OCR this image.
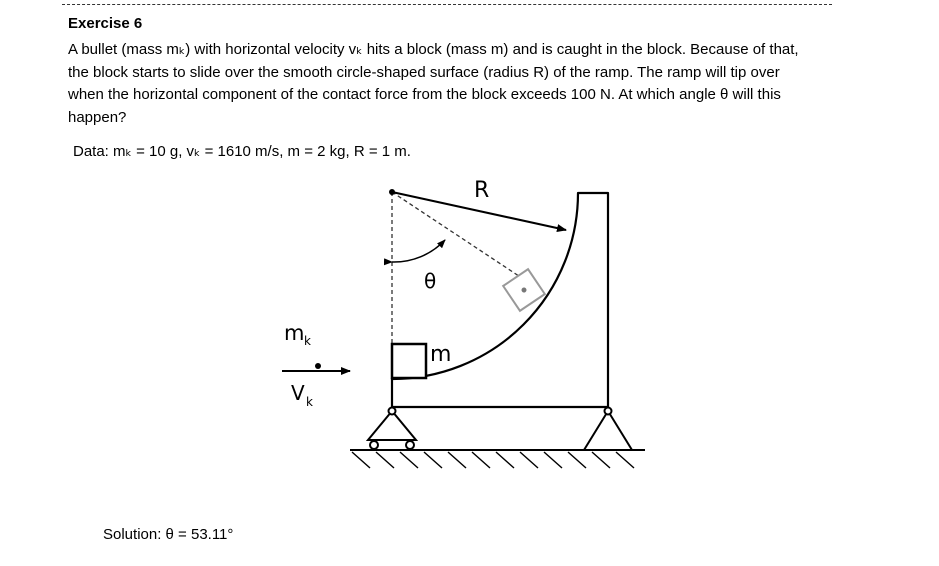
Exercise 6
A bullet (mass mₖ) with horizontal velocity vₖ hits a block (mass m) and is caught in the block. Because of that,
the block starts to slide over the smooth circle-shaped surface (radius R) of the ramp. The ramp will tip over
when the horizontal component of the contact force from the block exceeds 100 N. At which angle θ will this
happen?
Data: mₖ = 10 g, vₖ = 1610 m/s, m = 2 kg, R = 1 m.
Solution: θ = 53.11°
R
θ
m
m k
V k
